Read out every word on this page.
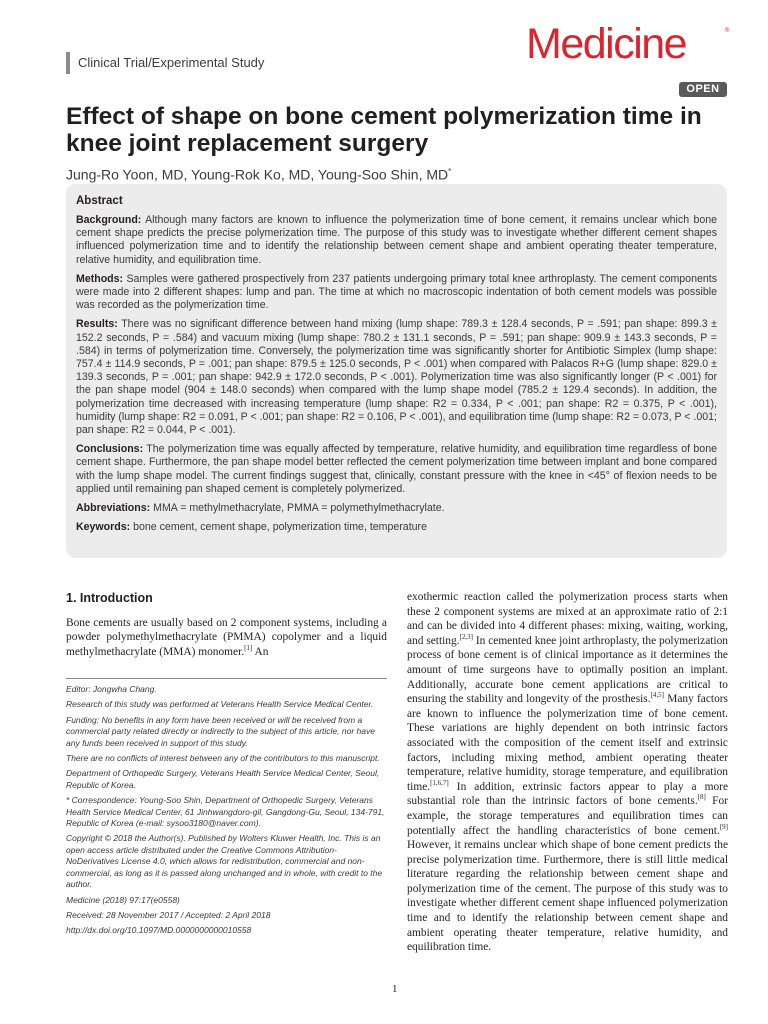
Clinical Trial/Experimental Study	Medicine	®
OPEN
Effect of shape on bone cement polymerization time in knee joint replacement surgery
Jung-Ro Yoon, MD, Young-Rok Ko, MD, Young-Soo Shin, MD*

Abstract

Background: Although many factors are known to influence the polymerization time of bone cement, it remains unclear which bone cement shape predicts the precise polymerization time. The purpose of this study was to investigate whether different cement shapes influenced polymerization time and to identify the relationship between cement shape and ambient operating theater temperature, relative humidity, and equilibration time.

Methods: Samples were gathered prospectively from 237 patients undergoing primary total knee arthroplasty. The cement components were made into 2 different shapes: lump and pan. The time at which no macroscopic indentation of both cement models was possible was recorded as the polymerization time.

Results: There was no significant difference between hand mixing (lump shape: 789.3 ± 128.4 seconds, P = .591; pan shape: 899.3 ± 152.2 seconds, P = .584) and vacuum mixing (lump shape: 780.2 ± 131.1 seconds, P = .591; pan shape: 909.9 ± 143.3 seconds, P = .584) in terms of polymerization time. Conversely, the polymerization time was significantly shorter for Antibiotic Simplex (lump shape: 757.4 ± 114.9 seconds, P = .001; pan shape: 879.5 ± 125.0 seconds, P < .001) when compared with Palacos R+G (lump shape: 829.0 ± 139.3 seconds, P = .001; pan shape: 942.9 ± 172.0 seconds, P < .001). Polymerization time was also significantly longer (P < .001) for the pan shape model (904 ± 148.0 seconds) when compared with the lump shape model (785.2 ± 129.4 seconds). In addition, the polymerization time decreased with increasing temperature (lump shape: R2 = 0.334, P < .001; pan shape: R2 = 0.375, P < .001), humidity (lump shape: R2 = 0.091, P < .001; pan shape: R2 = 0.106, P < .001), and equilibration time (lump shape: R2 = 0.073, P < .001; pan shape: R2 = 0.044, P < .001).

Conclusions: The polymerization time was equally affected by temperature, relative humidity, and equilibration time regardless of bone cement shape. Furthermore, the pan shape model better reflected the cement polymerization time between implant and bone compared with the lump shape model. The current findings suggest that, clinically, constant pressure with the knee in <45° of flexion needs to be applied until remaining pan shaped cement is completely polymerized.

Abbreviations: MMA = methylmethacrylate, PMMA = polymethylmethacrylate.

Keywords: bone cement, cement shape, polymerization time, temperature

1. Introduction

Bone cements are usually based on 2 component systems, including a powder polymethylmethacrylate (PMMA) copolymer and a liquid methylmethacrylate (MMA) monomer.[1] An

Editor: Jongwha Chang.

Research of this study was performed at Veterans Health Service Medical Center.

Funding: No benefits in any form have been received or will be received from a commercial party related directly or indirectly to the subject of this article, nor have any funds been received in support of this study.

There are no conflicts of interest between any of the contributors to this manuscript.

Department of Orthopedic Surgery, Veterans Health Service Medical Center, Seoul, Republic of Korea.

* Correspondence: Young-Soo Shin, Department of Orthopedic Surgery, Veterans Health Service Medical Center, 61 Jinhwangdoro-gil, Gangdong-Gu, Seoul, 134-791, Republic of Korea (e-mail: sysoo3180@naver.com).

Copyright © 2018 the Author(s). Published by Wolters Kluwer Health, Inc. This is an open access article distributed under the Creative Commons Attribution-NoDerivatives License 4.0, which allows for redistribution, commercial and non-commercial, as long as it is passed along unchanged and in whole, with credit to the author.

Medicine (2018) 97:17(e0558)

Received: 28 November 2017 / Accepted: 2 April 2018

http://dx.doi.org/10.1097/MD.0000000000010558

exothermic reaction called the polymerization process starts when these 2 component systems are mixed at an approximate ratio of 2:1 and can be divided into 4 different phases: mixing, waiting, working, and setting.[2,3] In cemented knee joint arthroplasty, the polymerization process of bone cement is of clinical importance as it determines the amount of time surgeons have to optimally position an implant. Additionally, accurate bone cement applications are critical to ensuring the stability and longevity of the prosthesis.[4,5] Many factors are known to influence the polymerization time of bone cement. These variations are highly dependent on both intrinsic factors associated with the composition of the cement itself and extrinsic factors, including mixing method, ambient operating theater temperature, relative humidity, storage temperature, and equilibration time.[1,6,7] In addition, extrinsic factors appear to play a more substantial role than the intrinsic factors of bone cements.[8] For example, the storage temperatures and equilibration times can potentially affect the handling characteristics of bone cement.[9] However, it remains unclear which shape of bone cement predicts the precise polymerization time. Furthermore, there is still little medical literature regarding the relationship between cement shape and polymerization time of the cement. The purpose of this study was to investigate whether different cement shape influenced polymerization time and to identify the relationship between cement shape and ambient operating theater temperature, relative humidity, and equilibration time.

1
